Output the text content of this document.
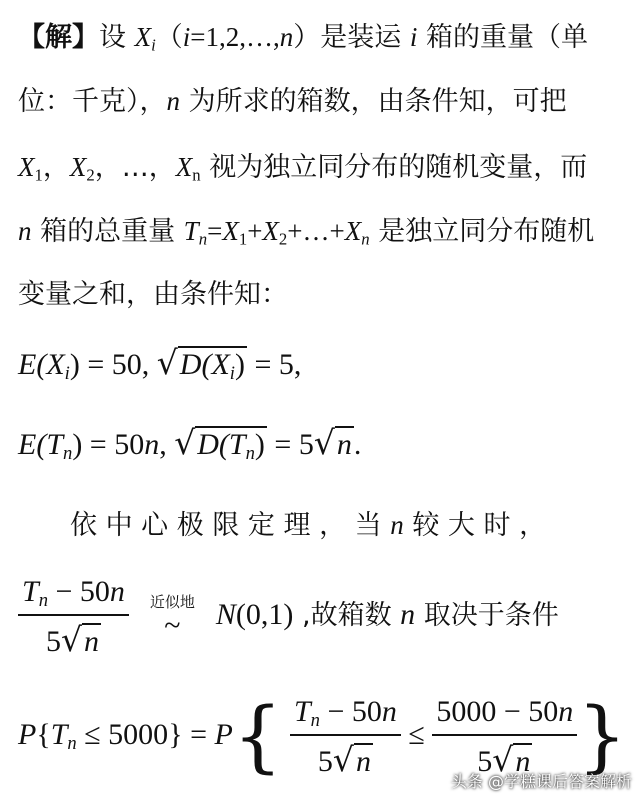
【解】设 $X_i(i=1,2,\dots,n)$是装运 i 箱的重量（单
位：千克），n 为所求的箱数，由条件知，可把
$X_1$，$X_2$，…，$X_n$ 视为独立同分布的随机变量，而
n 箱的总重量 $T_n=X_1+X_2+\dots+X_n$ 是独立同分布随机
变量之和，由条件知：
$E(X_i) = 50$, $√D(X_i) = 5$,
$E(T_n) = 50n$, $√D(T_n) = 5√n$.
依 中 心 极 限 定 理 ， 当 n 较 大 时 ，
$\frac{T_n - 50n}{5√n}$
	近似地
~	N(0,1) ,故箱数 n 取决于条件
$P\{T_n \le 5000\} = P\{ \frac{T_n - 50n}{5√n} \le \frac{5000 - 50n}{5√n}$ }
头条 @学糕课后答案解析
